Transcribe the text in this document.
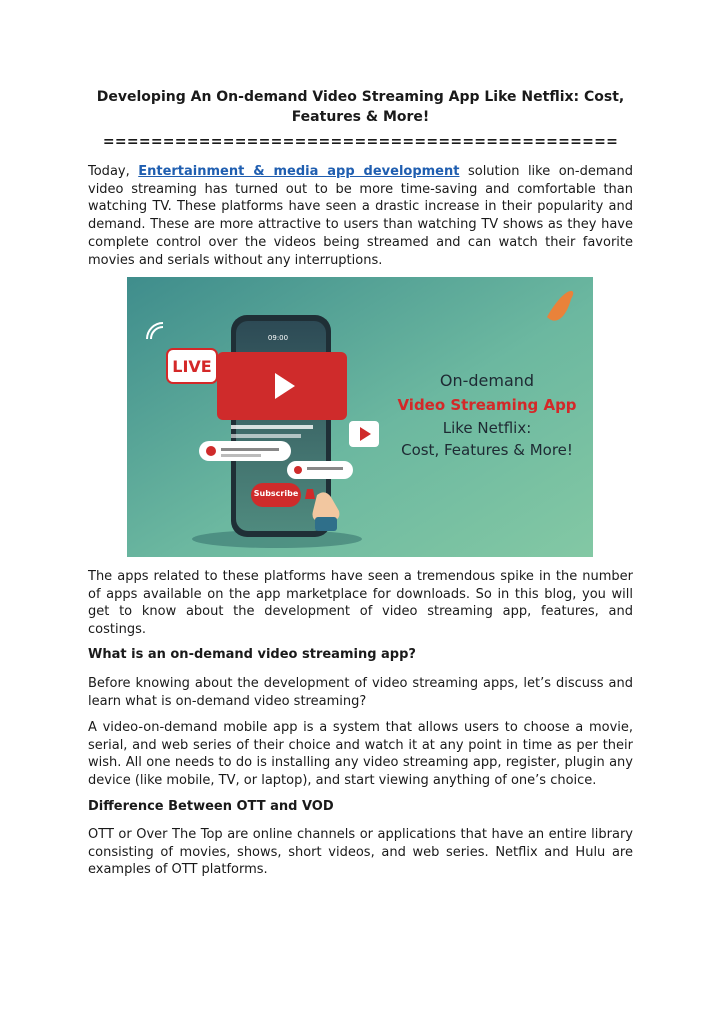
Developing An On-demand Video Streaming App Like Netflix: Cost, Features & More!
===========================================

Today, Entertainment & media app development solution like on-demand video streaming has turned out to be more time-saving and comfortable than watching TV. These platforms have seen a drastic increase in their popularity and demand. These are more attractive to users than watching TV shows as they have complete control over the videos being streamed and can watch their favorite movies and serials without any interruptions.

09:00
LIVE
Subscribe
On-demand
Video Streaming App
Like Netflix:
Cost, Features & More!

The apps related to these platforms have seen a tremendous spike in the number of apps available on the app marketplace for downloads. So in this blog, you will get to know about the development of video streaming app, features, and costings.

What is an on-demand video streaming app?

Before knowing about the development of video streaming apps, let’s discuss and learn what is on-demand video streaming?

A video-on-demand mobile app is a system that allows users to choose a movie, serial, and web series of their choice and watch it at any point in time as per their wish. All one needs to do is installing any video streaming app, register, plugin any device (like mobile, TV, or laptop), and start viewing anything of one’s choice.

Difference Between OTT and VOD

OTT or Over The Top are online channels or applications that have an entire library consisting of movies, shows, short videos, and web series. Netflix and Hulu are examples of OTT platforms.
